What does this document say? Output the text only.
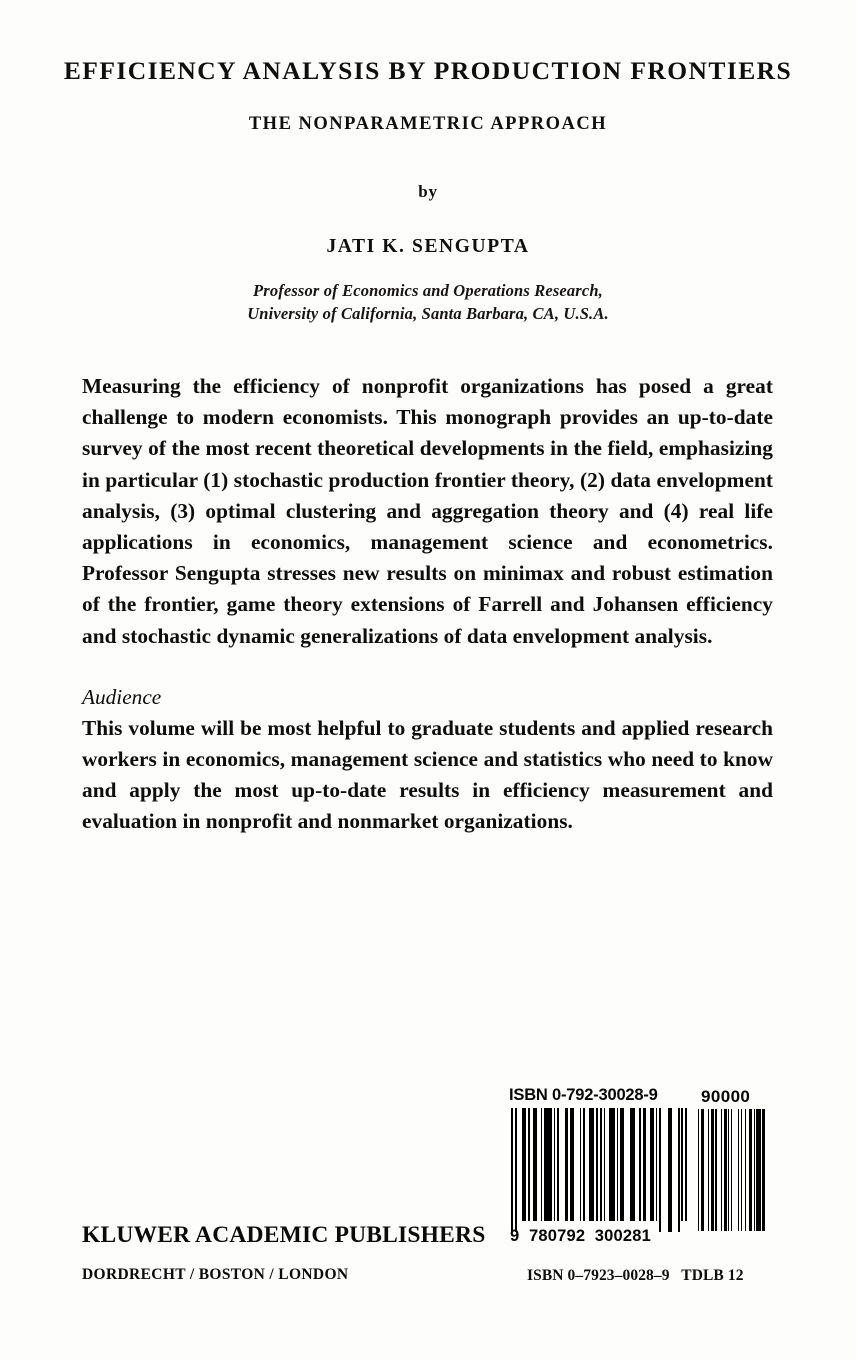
EFFICIENCY ANALYSIS BY PRODUCTION FRONTIERS
THE NONPARAMETRIC APPROACH
by
JATI K. SENGUPTA
Professor of Economics and Operations Research,
University of California, Santa Barbara, CA, U.S.A.

Measuring the efficiency of nonprofit organizations has posed a great challenge to modern economists. This monograph provides an up-to-date survey of the most recent theoretical developments in the field, emphasizing in particular (1) stochastic production frontier theory, (2) data envelopment analysis, (3) optimal clustering and aggregation theory and (4) real life applications in economics, management science and econometrics. Professor Sengupta stresses new results on minimax and robust estimation of the frontier, game theory extensions of Farrell and Johansen efficiency and stochastic dynamic generalizations of data envelopment analysis.

Audience

This volume will be most helpful to graduate students and applied research workers in economics, management science and statistics who need to know and apply the most up-to-date results in efficiency measurement and evaluation in nonprofit and nonmarket organizations.

ISBN 0-792-30028-9	90000
9  780792  300281
ISBN 0–7923–0028–9   TDLB 12
KLUWER ACADEMIC PUBLISHERS
DORDRECHT / BOSTON / LONDON
